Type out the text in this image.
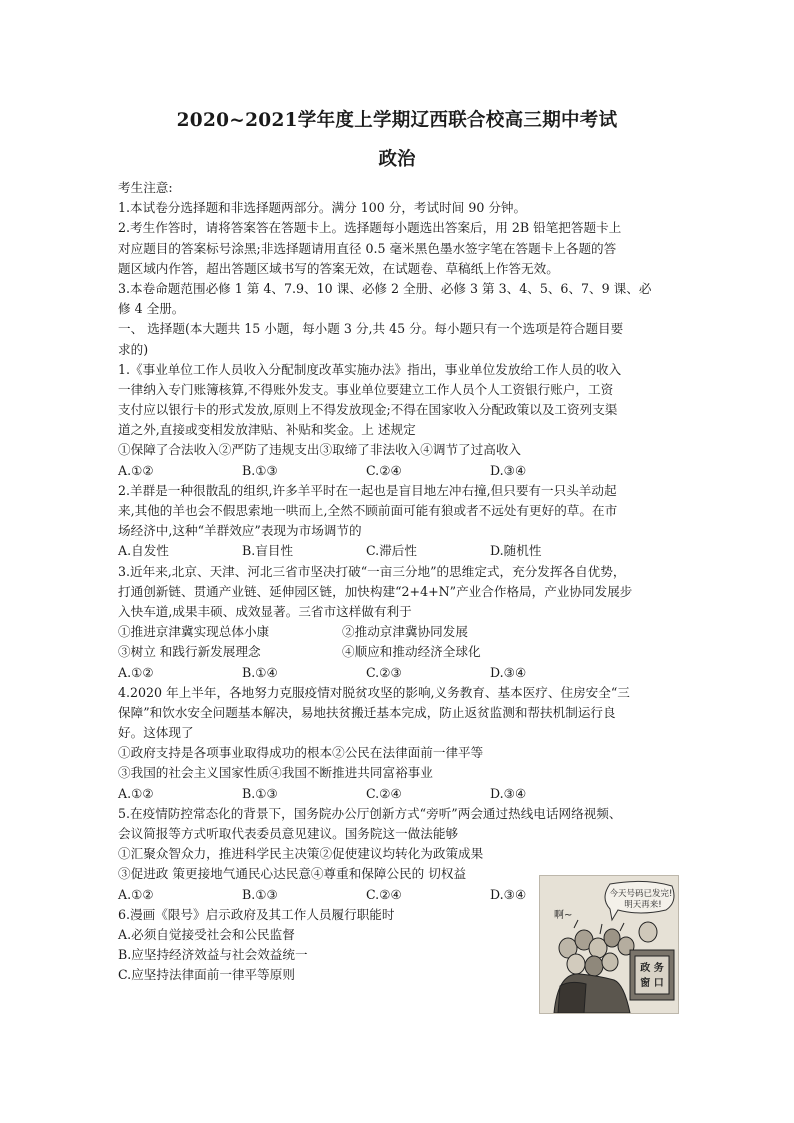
2020~2021学年度上学期辽西联合校高三期中考试
政治
考生注意:
1.本试卷分选择题和非选择题两部分。满分 100 分，考试时间 90 分钟。
2.考生作答时，请将答案答在答题卡上。选择题每小题选出答案后，用 2B 铅笔把答题卡上
对应题目的答案标号涂黑;非选择题请用直径 0.5 毫米黑色墨水签字笔在答题卡上各题的答
题区域内作答，超出答题区域书写的答案无效，在试题卷、草稿纸上作答无效。
3.本卷命题范围必修 1 第 4、7.9、10 课、必修 2 全册、必修 3 第 3、4、5、6、7、9 课、必
修 4 全册。
一、 选择题(本大题共 15 小题，每小题 3 分,共 45 分。每小题只有一个选项是符合题目要
求的)
1.《事业单位工作人员收入分配制度改革实施办法》指出，事业单位发放给工作人员的收入
一律纳入专门账簿核算,不得账外发支。事业单位要建立工作人员个人工资银行账户，工资
支付应以银行卡的形式发放,原则上不得发放现金;不得在国家收入分配政策以及工资列支渠
道之外,直接或变相发放津贴、补贴和奖金。上 述规定
①保障了合法收入②严防了违规支出③取缔了非法收入④调节了过高收入
A.①②	B.①③	C.②④	D.③④
2.羊群是一种很散乱的组织,许多羊平时在一起也是盲目地左冲右撞,但只要有一只头羊动起
来,其他的羊也会不假思索地一哄而上,全然不顾前面可能有狼或者不远处有更好的草。在市
场经济中,这种“羊群效应”表现为市场调节的
A.自发性	B.盲目性	C.滞后性	D.随机性
3.近年来,北京、天津、河北三省市坚决打破“一亩三分地”的思维定式，充分发挥各自优势，
打通创新链、贯通产业链、延伸园区链，加快构建“2+4+N”产业合作格局，产业协同发展步
入快车道,成果丰硕、成效显著。三省市这样做有利于
①推进京津冀实现总体小康	②推动京津冀协同发展
③树立 和践行新发展理念	④顺应和推动经济全球化
A.①②	B.①④	C.②③	D.③④
4.2020 年上半年，各地努力克服疫情对脱贫攻坚的影响,义务教育、基本医疗、住房安全“三
保障”和饮水安全问题基本解决，易地扶贫搬迁基本完成，防止返贫监测和帮扶机制运行良
好。这体现了
①政府支持是各项事业取得成功的根本②公民在法律面前一律平等
③我国的社会主义国家性质④我国不断推进共同富裕事业
A.①②	B.①③	C.②④	D.③④
5.在疫情防控常态化的背景下，国务院办公厅创新方式“旁听”两会通过热线电话网络视频、
会议简报等方式听取代表委员意见建议。国务院这一做法能够
①汇聚众智众力，推进科学民主决策②促使建议均转化为政策成果
③促进政 策更接地气通民心达民意④尊重和保障公民的 切权益
A.①②	B.①③	C.②④	D.③④
6.漫画《限号》启示政府及其工作人员履行职能时
A.必须自觉接受社会和公民监督
B.应坚持经济效益与社会效益统一
C.应坚持法律面前一律平等原则
今天号码已发完!
明天再来!
啊~
政 务
窗 口
